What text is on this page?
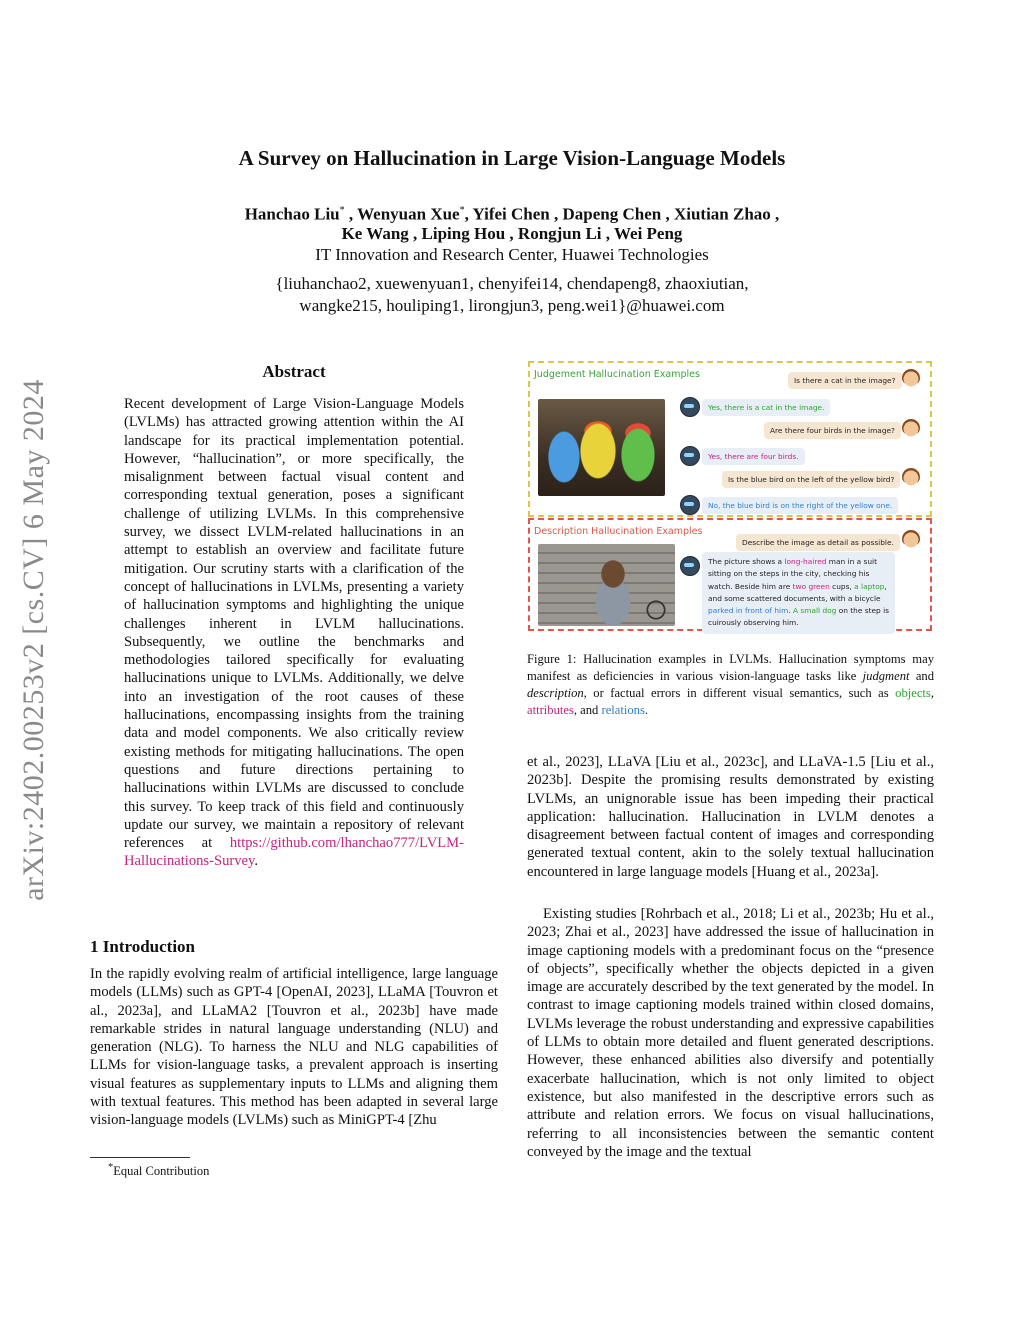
arXiv:2402.00253v2 [cs.CV] 6 May 2024
A Survey on Hallucination in Large Vision-Language Models
Hanchao Liu* , Wenyuan Xue*, Yifei Chen , Dapeng Chen , Xiutian Zhao ,
Ke Wang , Liping Hou , Rongjun Li , Wei Peng
IT Innovation and Research Center, Huawei Technologies
{liuhanchao2, xuewenyuan1, chenyifei14, chendapeng8, zhaoxiutian,
wangke215, houliping1, lirongjun3, peng.wei1}@huawei.com
Abstract
Recent development of Large Vision-Language Models (LVLMs) has attracted growing attention within the AI landscape for its practical implementation potential. However, “hallucination”, or more specifically, the misalignment between factual visual content and corresponding textual generation, poses a significant challenge of utilizing LVLMs. In this comprehensive survey, we dissect LVLM-related hallucinations in an attempt to establish an overview and facilitate future mitigation. Our scrutiny starts with a clarification of the concept of hallucinations in LVLMs, presenting a variety of hallucination symptoms and highlighting the unique challenges inherent in LVLM hallucinations. Subsequently, we outline the benchmarks and methodologies tailored specifically for evaluating hallucinations unique to LVLMs. Additionally, we delve into an investigation of the root causes of these hallucinations, encompassing insights from the training data and model components. We also critically review existing methods for mitigating hallucinations. The open questions and future directions pertaining to hallucinations within LVLMs are discussed to conclude this survey. To keep track of this field and continuously update our survey, we maintain a repository of relevant references at https://github.com/lhanchao777/LVLM-Hallucinations-Survey.
1 Introduction
In the rapidly evolving realm of artificial intelligence, large language models (LLMs) such as GPT-4 [OpenAI, 2023], LLaMA [Touvron et al., 2023a], and LLaMA2 [Touvron et al., 2023b] have made remarkable strides in natural language understanding (NLU) and generation (NLG). To harness the NLU and NLG capabilities of LLMs for vision-language tasks, a prevalent approach is inserting visual features as supplementary inputs to LLMs and aligning them with textual features. This method has been adapted in several large vision-language models (LVLMs) such as MiniGPT-4 [Zhu
*Equal Contribution
Judgement Hallucination Examples
Is there a cat in the image?
Yes, there is a cat in the image.
Are there four birds in the image?
Yes, there are four birds.
Is the blue bird on the left of the yellow bird?
No, the blue bird is on the right of the yellow one.
Description Hallucination Examples
Describe the image as detail as possible.
The picture shows a long-haired man in a suit
sitting on the steps in the city, checking his
watch. Beside him are two green cups, a laptop,
and some scattered documents, with a bicycle
parked in front of him. A small dog on the step is
cuirously observing him.
Figure 1: Hallucination examples in LVLMs. Hallucination symptoms may manifest as deficiencies in various vision-language tasks like judgment and description, or factual errors in different visual semantics, such as objects, attributes, and relations.
et al., 2023], LLaVA [Liu et al., 2023c], and LLaVA-1.5 [Liu et al., 2023b]. Despite the promising results demonstrated by existing LVLMs, an unignorable issue has been impeding their practical application: hallucination. Hallucination in LVLM denotes a disagreement between factual content of images and corresponding generated textual content, akin to the solely textual hallucination encountered in large language models [Huang et al., 2023a].
Existing studies [Rohrbach et al., 2018; Li et al., 2023b; Hu et al., 2023; Zhai et al., 2023] have addressed the issue of hallucination in image captioning models with a predominant focus on the “presence of objects”, specifically whether the objects depicted in a given image are accurately described by the text generated by the model. In contrast to image captioning models trained within closed domains, LVLMs leverage the robust understanding and expressive capabilities of LLMs to obtain more detailed and fluent generated descriptions. However, these enhanced abilities also diversify and potentially exacerbate hallucination, which is not only limited to object existence, but also manifested in the descriptive errors such as attribute and relation errors. We focus on visual hallucinations, referring to all inconsistencies between the semantic content conveyed by the image and the textual
